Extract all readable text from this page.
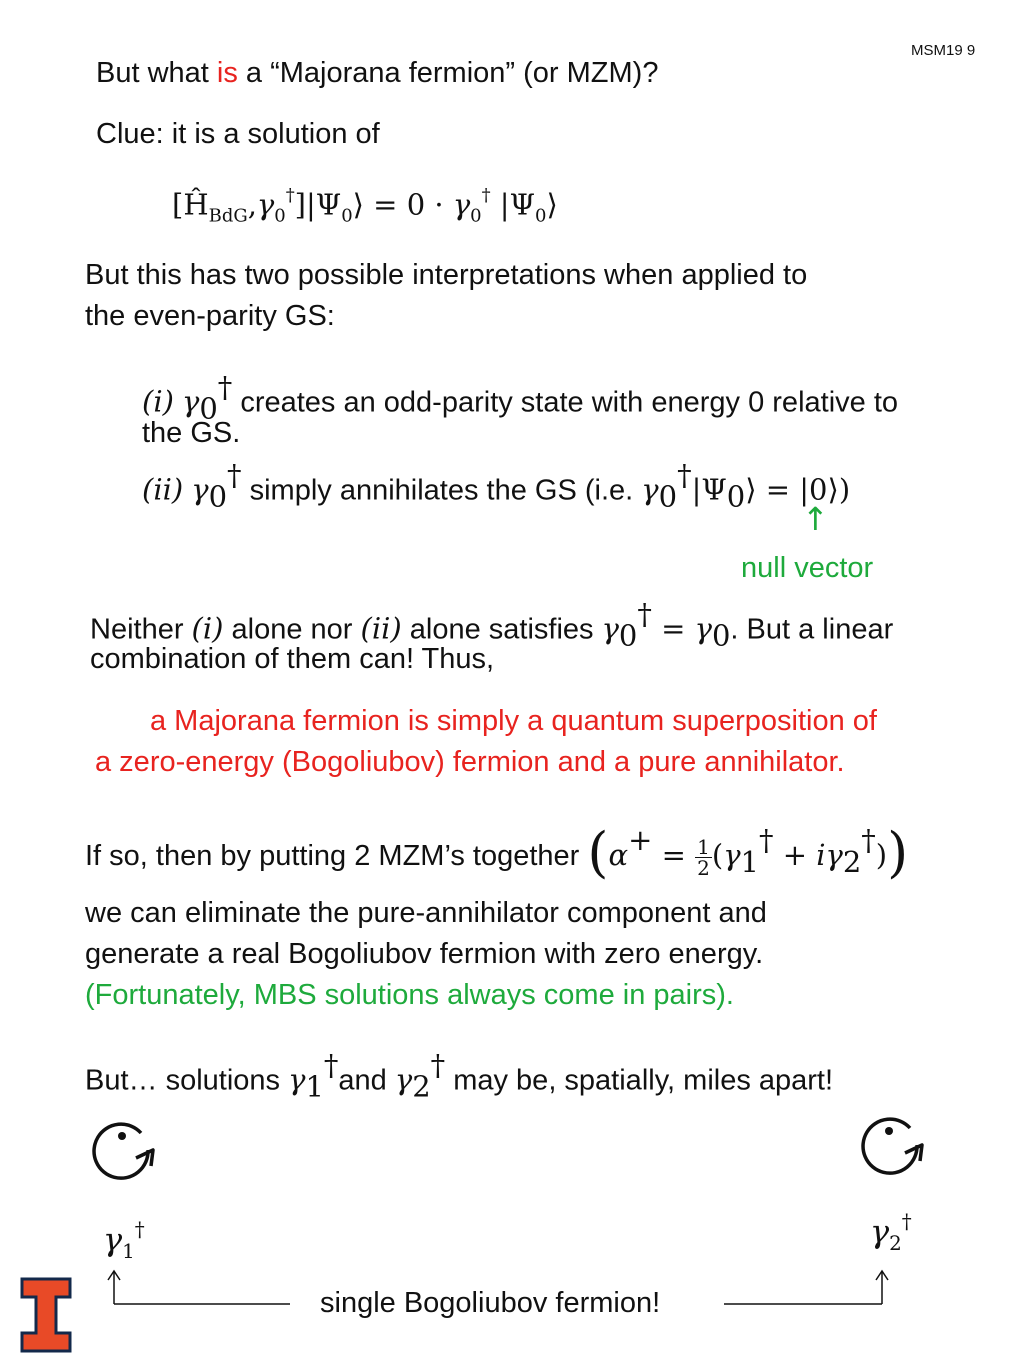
MSM19 9
But what is a “Majorana fermion” (or MZM)?
Clue: it is a solution of
$[Ĥ_{BdG},\gamma_0^\dagger]|\Psi_0⟩ = 0 \cdot \gamma_0^\dagger$ $|\Psi_0⟩$
But this has two possible interpretations when applied to
the even-parity GS:
(i) $\gamma_0^\dagger$ creates an odd-parity state with energy 0 relative to
the GS.
(ii) $\gamma_0^\dagger$ simply annihilates the GS (i.e. $\gamma_0^\dagger|\Psi_0⟩$ = |0⟩)
↑
null vector
Neither (i) alone nor (ii) alone satisfies $\gamma_0^\dagger = \gamma_0$. But a linear
combination of them can! Thus,
a Majorana fermion is simply a quantum superposition of
a zero-energy (Bogoliubov) fermion and a pure annihilator.
If so, then by putting 2 MZM’s together $(\alpha^+ = \frac{1}{2} (\gamma_1^\dagger + i\gamma_2^\dagger))$
we can eliminate the pure-annihilator component and
generate a real Bogoliubov fermion with zero energy.
(Fortunately, MBS solutions always come in pairs).
But… solutions $\gamma_1^\dagger and$ $\gamma_2^\dagger$ may be, spatially, miles apart!
$\gamma_1^\dagger$	$\gamma_2^\dagger$
single Bogoliubov fermion!
